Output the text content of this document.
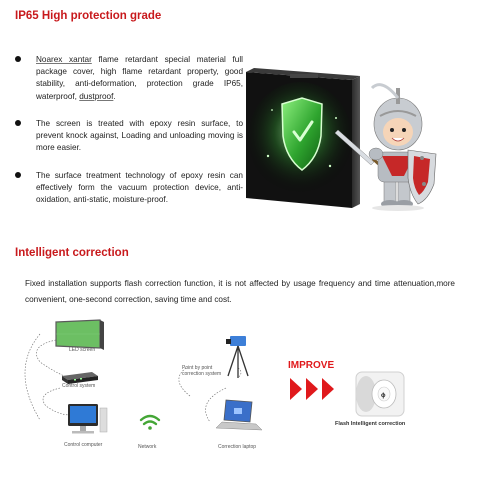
IP65 High protection grade
Noarex xantar flame retardant special material full package cover, high flame retardant property, good stability, anti-deformation, protection grade IP65, waterproof, dustproof.
The screen is treated with epoxy resin surface, to prevent knock against, Loading and unloading moving is more easier.
The surface treatment technology of epoxy resin can effectively form the vacuum protection device, anti-oxidation, anti-static, moisture-proof.
Intelligent correction
Fixed installation supports flash correction function, it is not affected by usage frequency and time attenuation,more convenient, one-second correction, saving time and cost.
ϕ
LED screen
Control system
Control computer	Network
Point by point
correction system
Correction laptop
IMPROVE
Flash Intelligent correction
